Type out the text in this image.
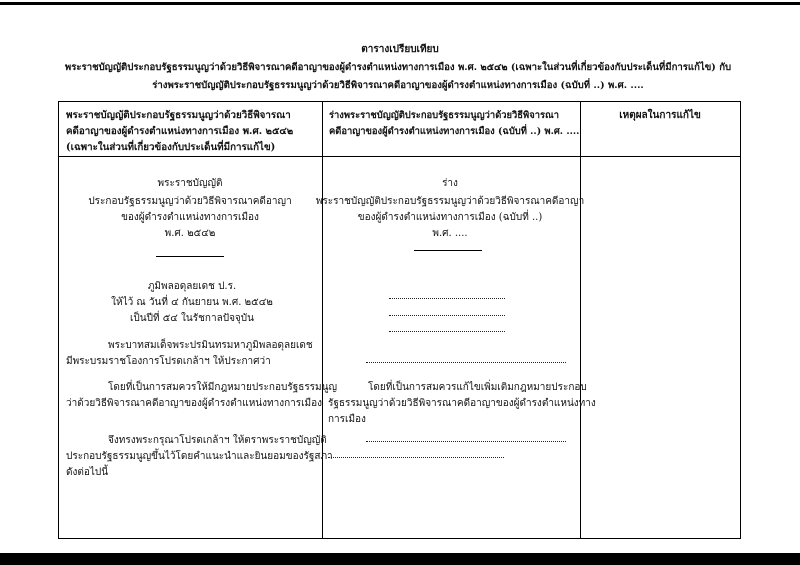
ตารางเปรียบเทียบ
พระราชบัญญัติประกอบรัฐธรรมนูญว่าด้วยวิธีพิจารณาคดีอาญาของผู้ดำรงตำแหน่งทางการเมือง พ.ศ. ๒๕๔๒ (เฉพาะในส่วนที่เกี่ยวข้องกับประเด็นที่มีการแก้ไข) กับ
ร่างพระราชบัญญัติประกอบรัฐธรรมนูญว่าด้วยวิธีพิจารณาคดีอาญาของผู้ดำรงตำแหน่งทางการเมือง (ฉบับที่ ..) พ.ศ. ....
พระราชบัญญัติประกอบรัฐธรรมนูญว่าด้วยวิธีพิจารณา
คดีอาญาของผู้ดำรงตำแหน่งทางการเมือง พ.ศ. ๒๕๔๒
(เฉพาะในส่วนที่เกี่ยวข้องกับประเด็นที่มีการแก้ไข)
ร่างพระราชบัญญัติประกอบรัฐธรรมนูญว่าด้วยวิธีพิจารณา
คดีอาญาของผู้ดำรงตำแหน่งทางการเมือง (ฉบับที่ ..) พ.ศ. ....
เหตุผลในการแก้ไข
พระราชบัญญัติ
ประกอบรัฐธรรมนูญว่าด้วยวิธีพิจารณาคดีอาญา
ของผู้ดำรงตำแหน่งทางการเมือง
พ.ศ. ๒๕๔๒
ภูมิพลอดุลยเดช ป.ร.
ให้ไว้ ณ วันที่ ๔ กันยายน พ.ศ. ๒๕๔๒
เป็นปีที่ ๕๔ ในรัชกาลปัจจุบัน
พระบาทสมเด็จพระปรมินทรมหาภูมิพลอดุลยเดช
มีพระบรมราชโองการโปรดเกล้าฯ ให้ประกาศว่า
โดยที่เป็นการสมควรให้มีกฎหมายประกอบรัฐธรรมนูญ
ว่าด้วยวิธีพิจารณาคดีอาญาของผู้ดำรงตำแหน่งทางการเมือง
จึงทรงพระกรุณาโปรดเกล้าฯ ให้ตราพระราชบัญญัติ
ประกอบรัฐธรรมนูญขึ้นไว้โดยคำแนะนำและยินยอมของรัฐสภา
ดังต่อไปนี้
ร่าง
พระราชบัญญัติประกอบรัฐธรรมนูญว่าด้วยวิธีพิจารณาคดีอาญา
ของผู้ดำรงตำแหน่งทางการเมือง (ฉบับที่ ..)
พ.ศ. ....
โดยที่เป็นการสมควรแก้ไขเพิ่มเติมกฎหมายประกอบ
รัฐธรรมนูญว่าด้วยวิธีพิจารณาคดีอาญาของผู้ดำรงตำแหน่งทาง
การเมือง
